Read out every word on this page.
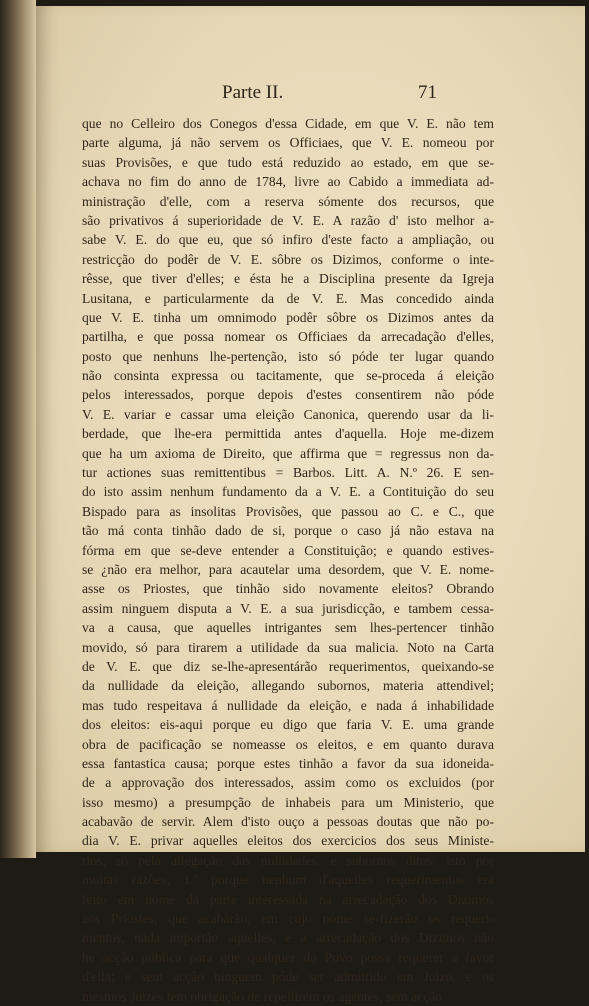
Parte II.	71
que no Celleiro dos Conegos d'essa Cidade, em que V. E. não tem
parte alguma, já não servem os Officiaes, que V. E. nomeou por
suas Provisões, e que tudo está reduzido ao estado, em que se-
achava no fim do anno de 1784, livre ao Cabido a immediata ad-
ministração d'elle, com a reserva sómente dos recursos, que
são privativos á superioridade de V. E. A razão d' isto melhor a-
sabe V. E. do que eu, que só infiro d'este facto a ampliação, ou
restricção do podêr de V. E. sôbre os Dizimos, conforme o inte-
rêsse, que tiver d'elles; e ésta he a Disciplina presente da Igreja
Lusitana, e particularmente da de V. E. Mas concedido ainda
que V. E. tinha um omnimodo podêr sôbre os Dizimos antes da
partilha, e que possa nomear os Officiaes da arrecadação d'elles,
posto que nenhuns lhe-pertenção, isto só póde ter lugar quando
não consinta expressa ou tacitamente, que se-proceda á eleição
pelos interessados, porque depois d'estes consentirem não póde
V. E. variar e cassar uma eleição Canonica, querendo usar da li-
berdade, que lhe-era permittida antes d'aquella. Hoje me-dizem
que ha um axioma de Direito, que affirma que = regressus non da-
tur actiones suas remittentibus = Barbos. Litt. A. N.º 26. E sen-
do isto assim nenhum fundamento da a V. E. a Contituição do seu
Bispado para as insolitas Provisões, que passou ao C. e C., que
tão má conta tinhão dado de si, porque o caso já não estava na
fórma em que se-deve entender a Constituição; e quando estives-
se ¿não era melhor, para acautelar uma desordem, que V. E. nome-
asse os Priostes, que tinhão sido novamente eleitos? Obrando
assim ninguem disputa a V. E. a sua jurisdicção, e tambem cessa-
va a causa, que aquelles intrigantes sem lhes-pertencer tinhão
movido, só para tirarem a utilidade da sua malicia. Noto na Carta
de V. E. que diz se-lhe-apresentárão requerimentos, queixando-se
da nullidade da eleição, allegando subornos, materia attendivel;
mas tudo respeitava á nullidade da eleição, e nada á inhabilidade
dos eleitos: eis-aqui porque eu digo que faria V. E. uma grande
obra de pacificação se nomeasse os eleitos, e em quanto durava
essa fantastica causa; porque estes tinhão a favor da sua idoneida-
de a approvação dos interessados, assim como os excluidos (por
isso mesmo) a presumpção de inhabeis para um Ministerio, que
acabavão de servir. Alem d'isto ouço a pessoas doutas que não po-
dia V. E. privar aquelles eleitos dos exercicios dos seus Ministe-
rios, só pela allegação das nullidades, e subornos ditos: isto por
muitas razões; 1.º porque nenhum d'aquelles requerimentos era
feito em nome da parte interessada na arrecadação dos Dizimos
aos Priostes, que acabárão, em cujo nome se-fizerão os requeri-
mentos, nada importão aquelles, e a arrecadação dos Dizimos não
he acção pública para que qualquer do Povo possa requerer a favor
d'ella; e sem acção ninguem póde ser admittido em Juizo, e os
mesmos Juizes tem obrigação de repellirem os agentes, sem acção
